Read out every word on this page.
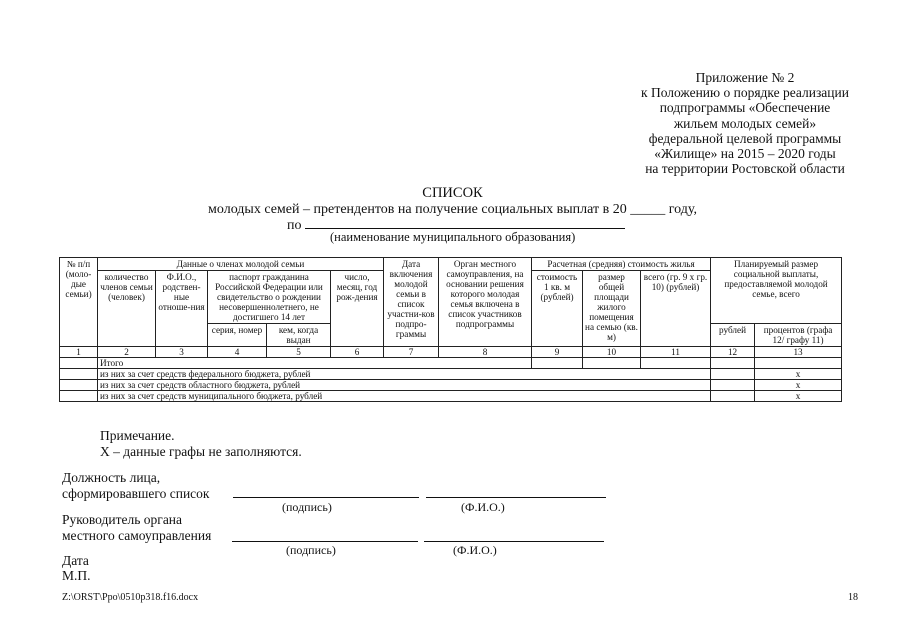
Приложение № 2
к Положению о порядке реализации
подпрограммы «Обеспечение
жильем молодых семей»
федеральной целевой программы
«Жилище» на 2015 – 2020 годы
на территории Ростовской области
СПИСОК
молодых семей – претендентов на получение социальных выплат в 20 _____ году,
по
(наименование муниципального образования)
№ п/п (моло-дые семьи)	Данные о членах молодой семьи					Дата включения молодой семьи в список участни-ков подпро-граммы	Орган местного самоуправления, на основании решения которого молодая семья включена в список участников подпрограммы	Расчетная (средняя) стоимость жилья			Планируемый размер социальной выплаты, предоставляемой молодой семье, всего	
	количество членов семьи (человек)	Ф.И.О., родствен-ные отноше-ния	паспорт гражданина Российской Федерации или свидетельство о рождении несовершеннолетнего, не достигшего 14 лет		число, месяц, год рож-дения			стоимость 1 кв. м (рублей)	размер общей площади жилого помещения на семью (кв. м)	всего (гр. 9 х гр. 10) (рублей)		
			серия, номер	кем, когда выдан							рублей	процентов (графа 12/ графу 11)

1	2	3	4	5	6	7	8	9	10	11	12	13
	Итого											
	из них за счет средств федерального бюджета, рублей											х
	из них за счет средств областного бюджета, рублей											х
	из них за счет средств муниципального бюджета, рублей											х
Примечание.
Х – данные графы не заполняются.
Должность лица,
сформировавшего список
(подпись)	(Ф.И.О.)
Руководитель органа
местного самоуправления
(подпись)	(Ф.И.О.)
Дата
М.П.
Z:\ORST\Ppo\0510p318.f16.docx	18
